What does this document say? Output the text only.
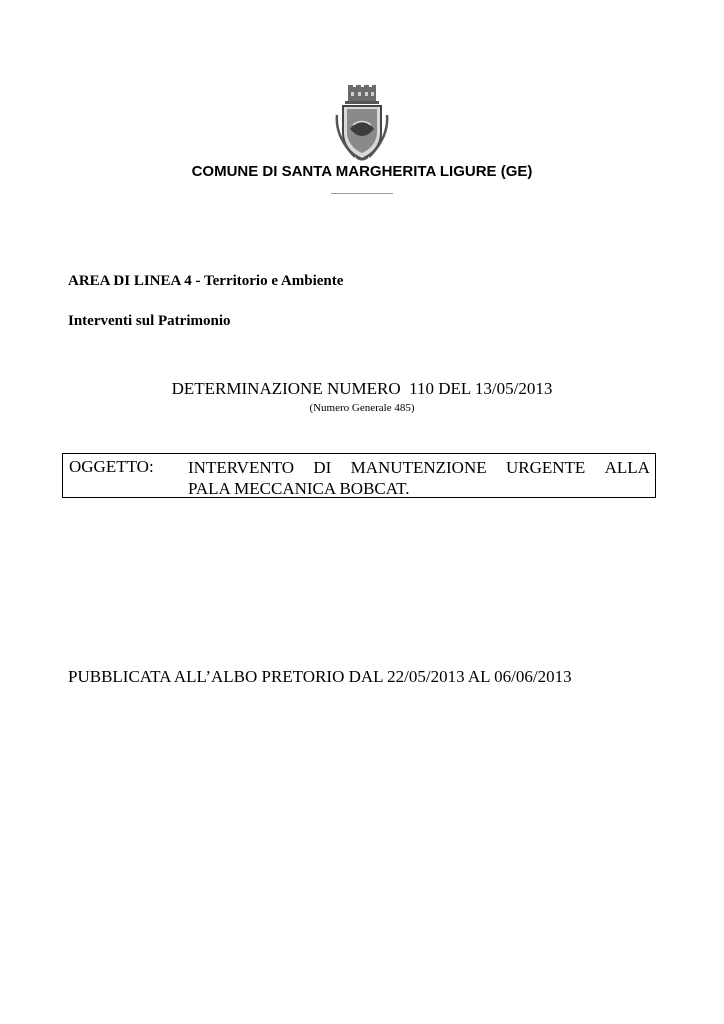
COMUNE DI SANTA MARGHERITA LIGURE (GE)
AREA DI LINEA 4 - Territorio e Ambiente
Interventi sul Patrimonio
DETERMINAZIONE NUMERO  110 DEL 13/05/2013
(Numero Generale 485)
OGGETTO: INTERVENTO DI MANUTENZIONE URGENTE ALLA
PALA MECCANICA BOBCAT.
PUBBLICATA ALL’ALBO PRETORIO DAL 22/05/2013 AL 06/06/2013
